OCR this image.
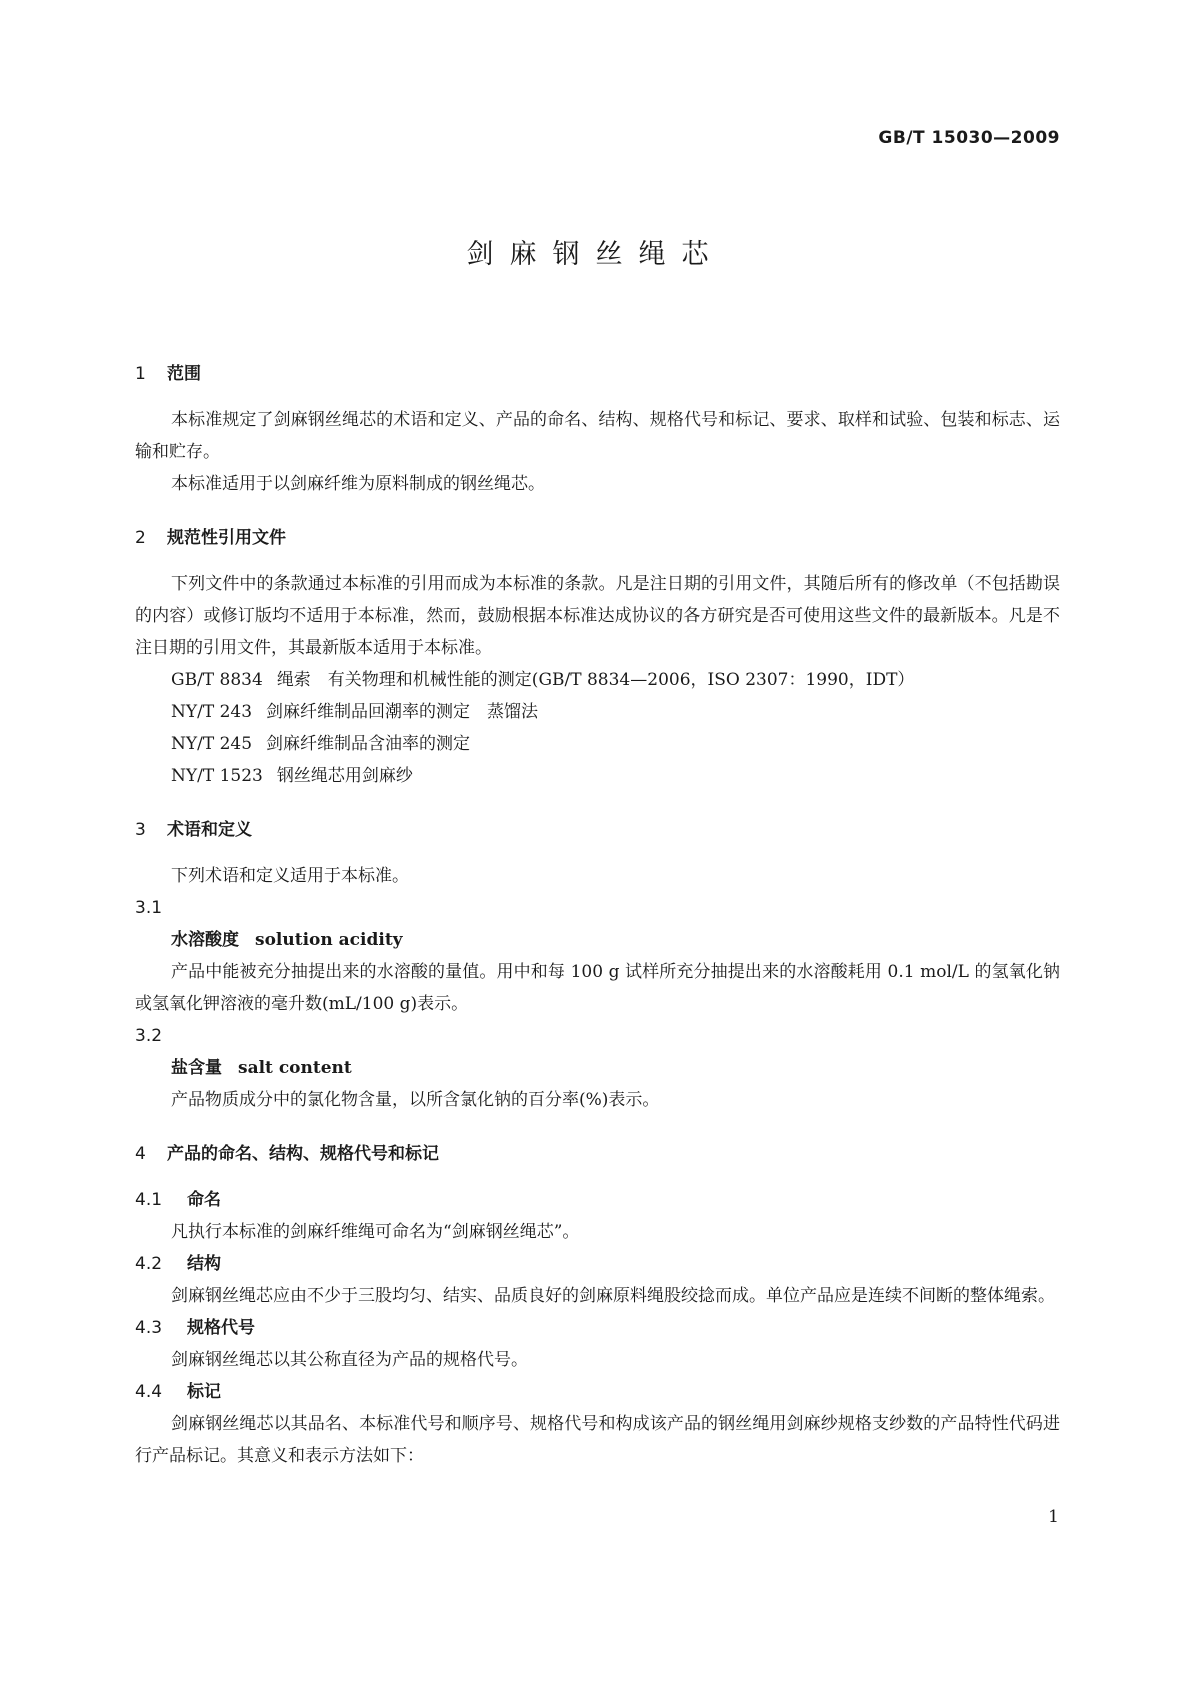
GB/T 15030—2009
剑麻钢丝绳芯
1 范围

本标准规定了剑麻钢丝绳芯的术语和定义、产品的命名、结构、规格代号和标记、要求、取样和试验、包装和标志、运输和贮存。

本标准适用于以剑麻纤维为原料制成的钢丝绳芯。

2 规范性引用文件

下列文件中的条款通过本标准的引用而成为本标准的条款。凡是注日期的引用文件，其随后所有的修改单（不包括勘误的内容）或修订版均不适用于本标准，然而，鼓励根据本标准达成协议的各方研究是否可使用这些文件的最新版本。凡是不注日期的引用文件，其最新版本适用于本标准。

GB/T 8834 绳索　有关物理和机械性能的测定(GB/T 8834—2006，ISO 2307：1990，IDT）
NY/T 243 剑麻纤维制品回潮率的测定　蒸馏法
NY/T 245 剑麻纤维制品含油率的测定
NY/T 1523 钢丝绳芯用剑麻纱
3 术语和定义

下列术语和定义适用于本标准。

3.1
水溶酸度 solution acidity

产品中能被充分抽提出来的水溶酸的量值。用中和每 100 g 试样所充分抽提出来的水溶酸耗用 0.1 mol/L 的氢氧化钠或氢氧化钾溶液的毫升数(mL/100 g)表示。

3.2
盐含量 salt content

产品物质成分中的氯化物含量，以所含氯化钠的百分率(%)表示。

4 产品的命名、结构、规格代号和标记
4.1 命名

凡执行本标准的剑麻纤维绳可命名为“剑麻钢丝绳芯”。

4.2 结构

剑麻钢丝绳芯应由不少于三股均匀、结实、品质良好的剑麻原料绳股绞捻而成。单位产品应是连续不间断的整体绳索。

4.3 规格代号

剑麻钢丝绳芯以其公称直径为产品的规格代号。

4.4 标记

剑麻钢丝绳芯以其品名、本标准代号和顺序号、规格代号和构成该产品的钢丝绳用剑麻纱规格支纱数的产品特性代码进行产品标记。其意义和表示方法如下：

1
